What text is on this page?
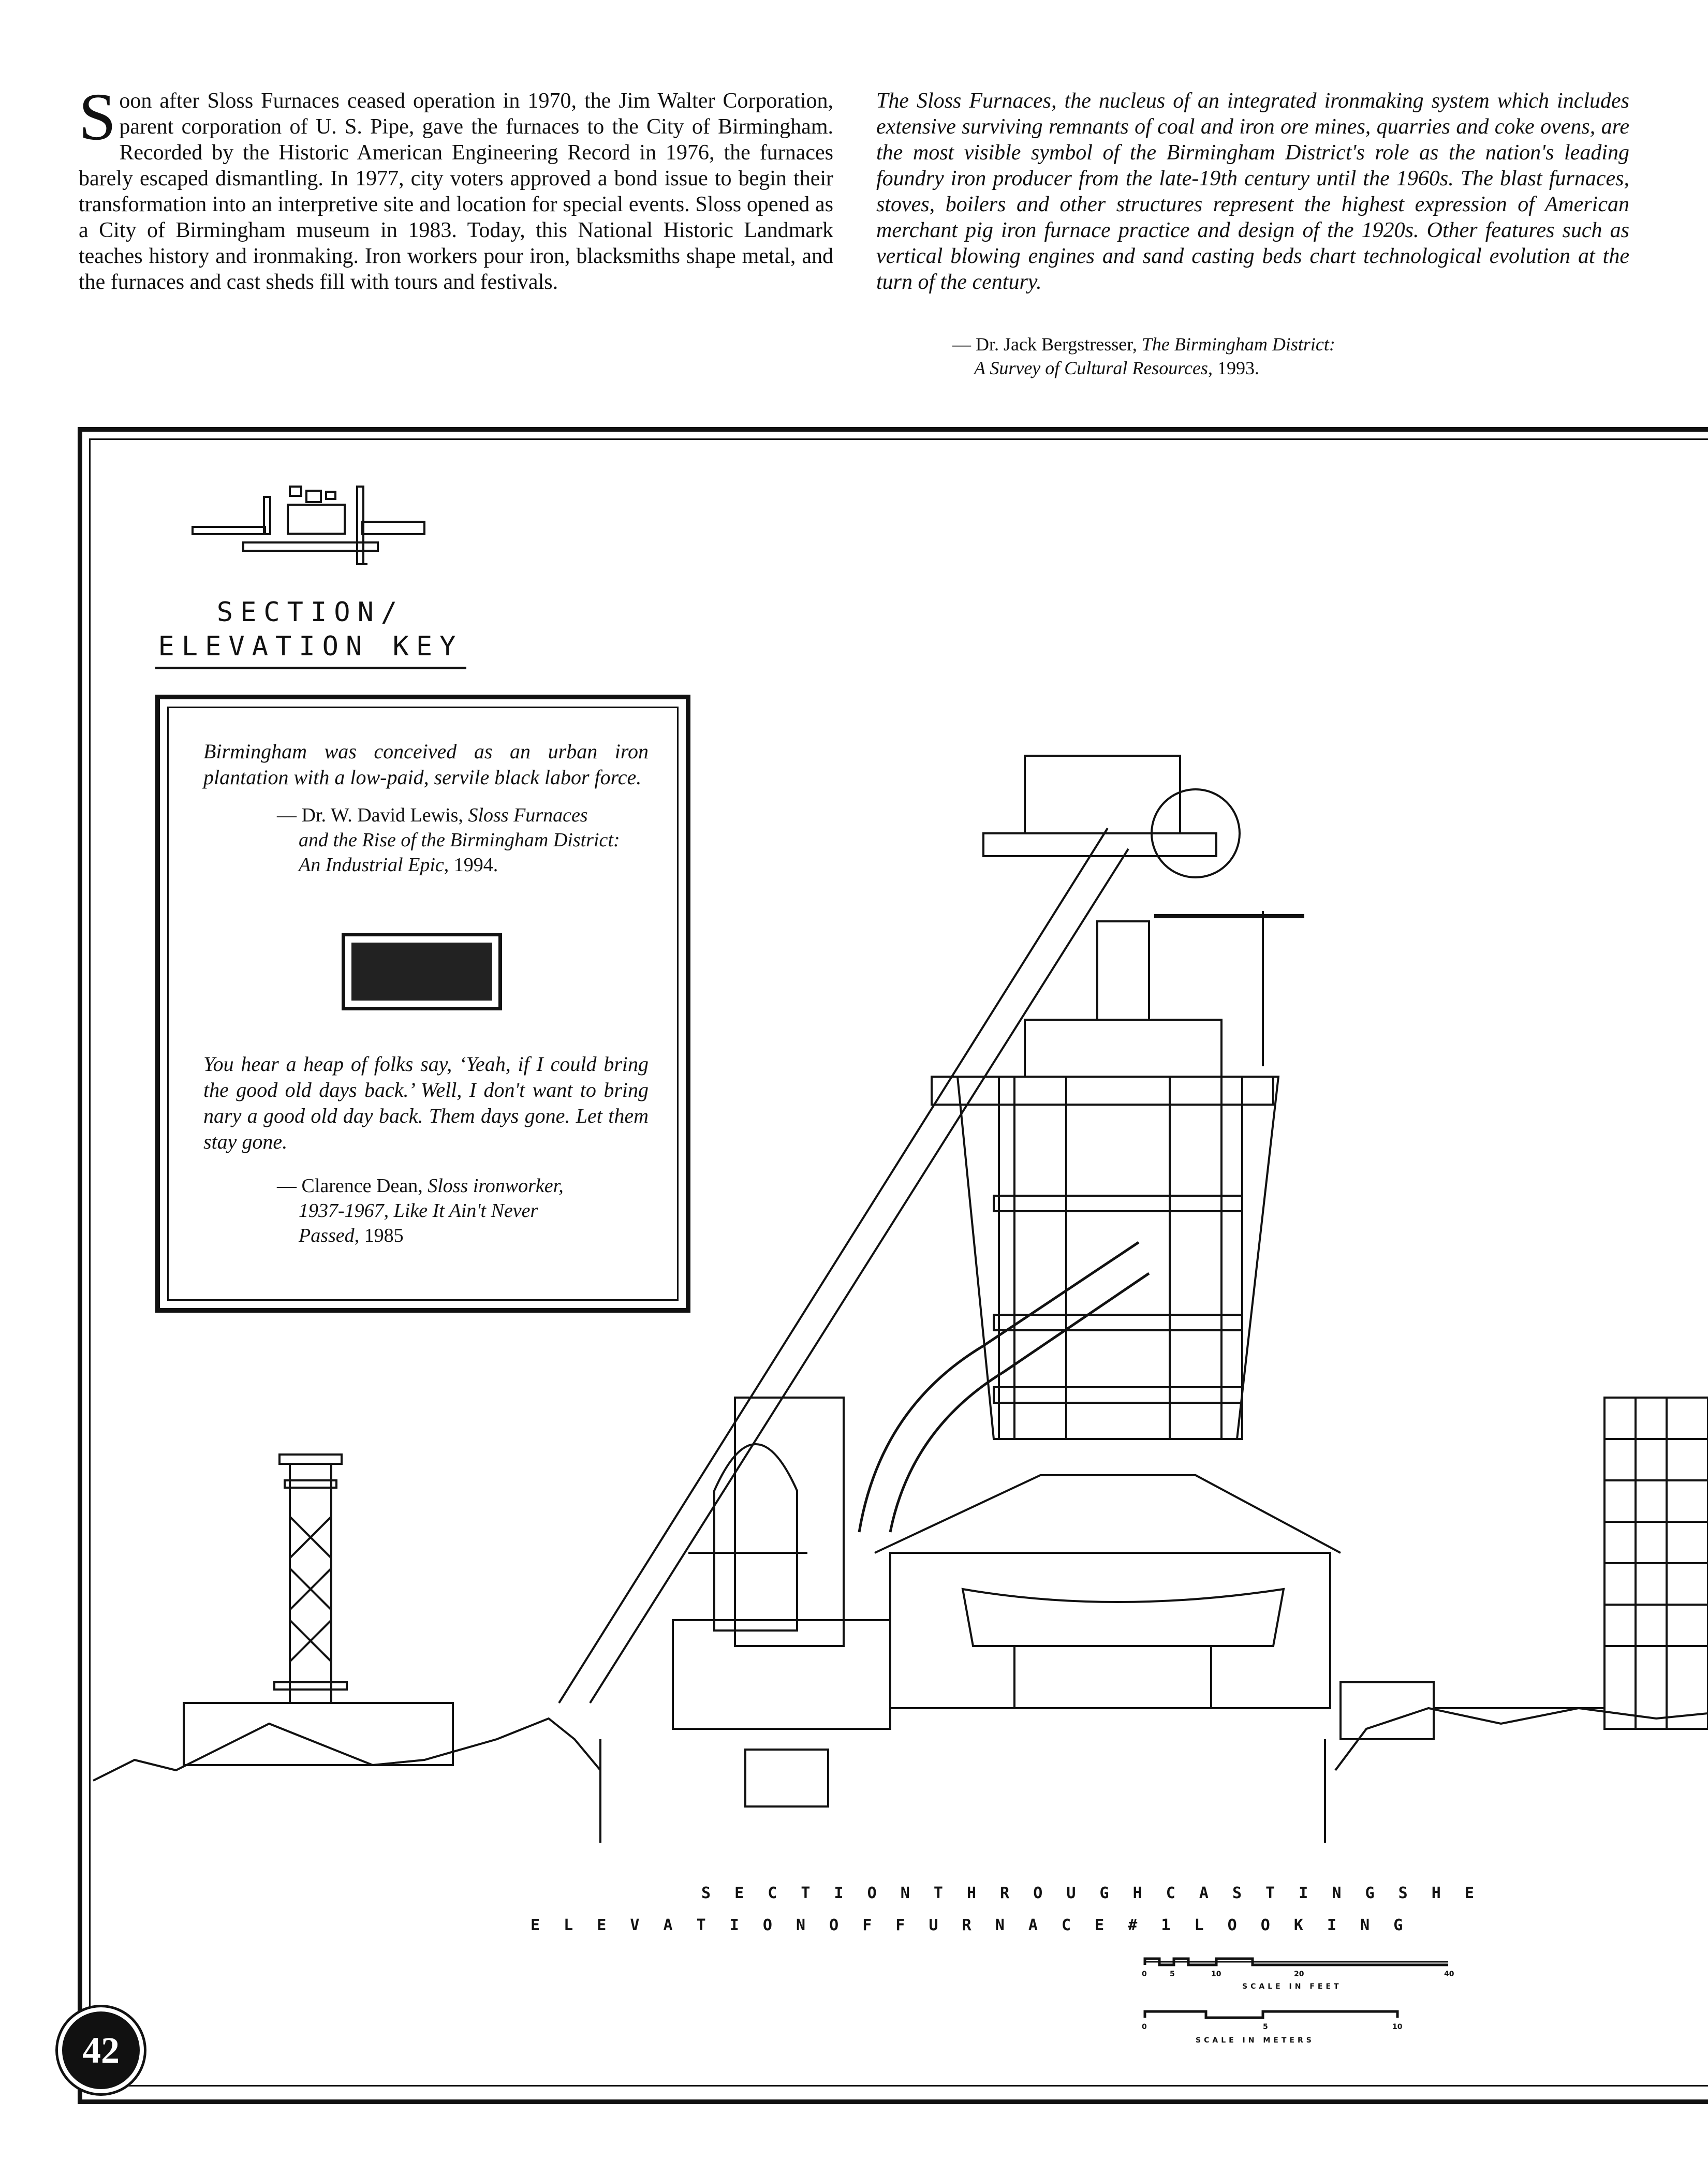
Soon after Sloss Furnaces ceased operation in 1970, the Jim Walter Corporation, parent corporation of U. S. Pipe, gave the furnaces to the City of Birmingham. Recorded by the Historic American Engineering Record in 1976, the furnaces barely escaped dismantling. In 1977, city voters approved a bond issue to begin their transformation into an interpretive site and location for special events. Sloss opened as a City of Birmingham museum in 1983. Today, this National Historic Landmark teaches history and ironmaking. Iron workers pour iron, blacksmiths shape metal, and the furnaces and cast sheds fill with tours and festivals.
The Sloss Furnaces, the nucleus of an integrated ironmaking system which includes extensive surviving remnants of coal and iron ore mines, quarries and coke ovens, are the most visible symbol of the Birmingham District's role as the nation's leading foundry iron producer from the late-19th century until the 1960s. The blast furnaces, stoves, boilers and other structures represent the highest expression of American merchant pig iron furnace practice and design of the 1920s. Other features such as vertical blowing engines and sand casting beds chart technological evolution at the turn of the century.
— Dr. Jack Bergstresser, The Birmingham District:
A Survey of Cultural Resources, 1993.
SECTION/
ELEVATION KEY
Birmingham was conceived as an urban iron plantation with a low-paid, servile black labor force.
— Dr. W. David Lewis, Sloss Furnaces
and the Rise of the Birmingham District:
An Industrial Epic, 1994.
You hear a heap of folks say, ‘Yeah, if I could bring the good old days back.’ Well, I don't want to bring nary a good old day back. Them days gone. Let them stay gone.
— Clarence Dean, Sloss ironworker,
1937-1967, Like It Ain't Never
Passed, 1985
S E C T I O N T H R O U G H C A S T I N G S H E
E L E V A T I O N O F F U R N A C E # 1 L O O K I N G
0	5	10	20	40
SCALE IN FEET
0	5	10
SCALE IN METERS
42
